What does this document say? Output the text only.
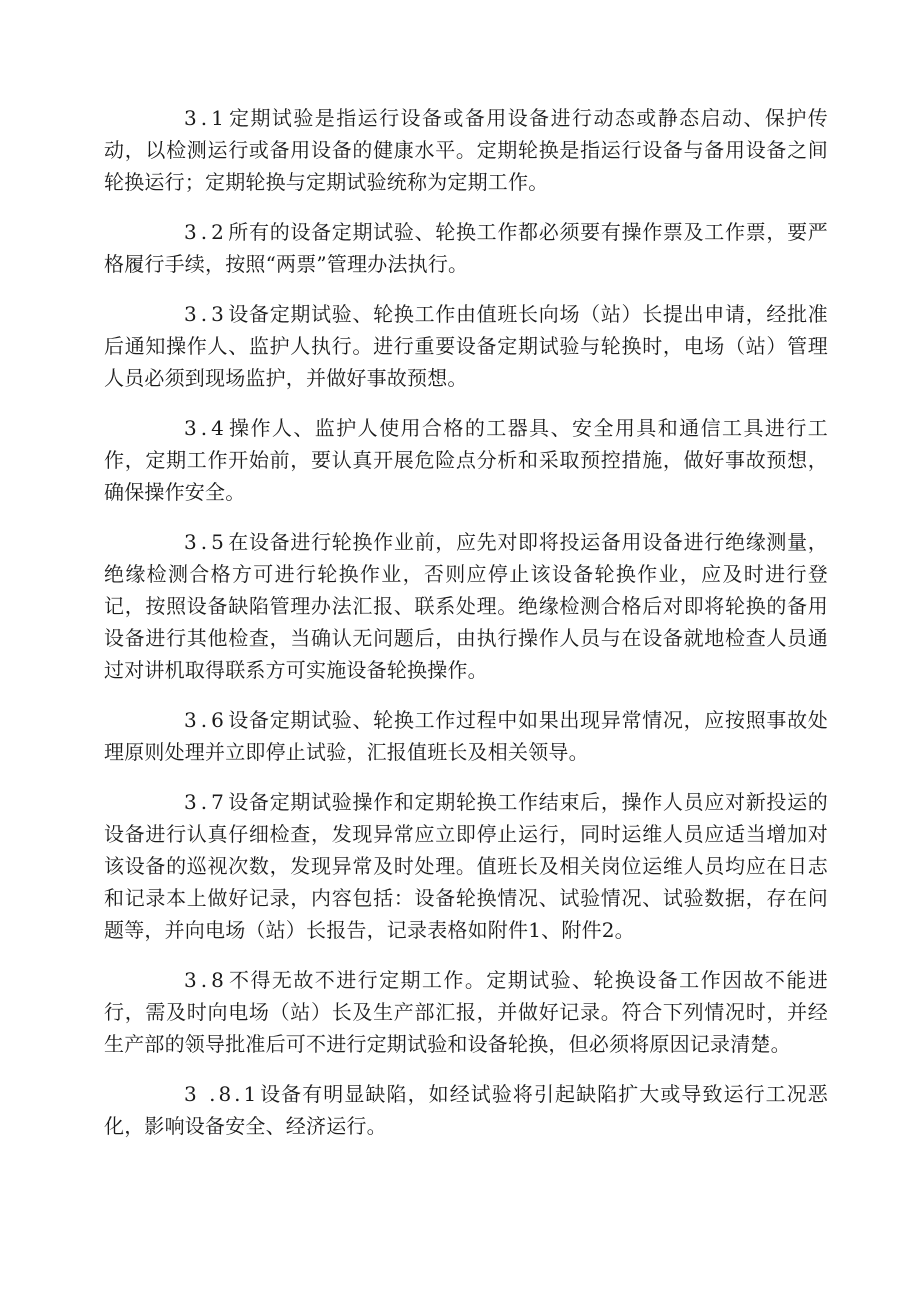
3.1定期试验是指运行设备或备用设备进行动态或静态启动、保护传动，以检测运行或备用设备的健康水平。定期轮换是指运行设备与备用设备之间轮换运行；定期轮换与定期试验统称为定期工作。

3.2所有的设备定期试验、轮换工作都必须要有操作票及工作票，要严格履行手续，按照“两票”管理办法执行。

3.3设备定期试验、轮换工作由值班长向场（站）长提出申请，经批准后通知操作人、监护人执行。进行重要设备定期试验与轮换时，电场（站）管理人员必须到现场监护，并做好事故预想。

3.4操作人、监护人使用合格的工器具、安全用具和通信工具进行工作，定期工作开始前，要认真开展危险点分析和采取预控措施，做好事故预想，确保操作安全。

3.5在设备进行轮换作业前，应先对即将投运备用设备进行绝缘测量，绝缘检测合格方可进行轮换作业，否则应停止该设备轮换作业，应及时进行登记，按照设备缺陷管理办法汇报、联系处理。绝缘检测合格后对即将轮换的备用设备进行其他检查，当确认无问题后，由执行操作人员与在设备就地检查人员通过对讲机取得联系方可实施设备轮换操作。

3.6设备定期试验、轮换工作过程中如果出现异常情况，应按照事故处理原则处理并立即停止试验，汇报值班长及相关领导。

3.7设备定期试验操作和定期轮换工作结束后，操作人员应对新投运的设备进行认真仔细检查，发现异常应立即停止运行，同时运维人员应适当增加对该设备的巡视次数，发现异常及时处理。值班长及相关岗位运维人员均应在日志和记录本上做好记录，内容包括：设备轮换情况、试验情况、试验数据，存在问题等，并向电场（站）长报告，记录表格如附件1、附件2。

3.8不得无故不进行定期工作。定期试验、轮换设备工作因故不能进行，需及时向电场（站）长及生产部汇报，并做好记录。符合下列情况时，并经生产部的领导批准后可不进行定期试验和设备轮换，但必须将原因记录清楚。

3 .8.1设备有明显缺陷，如经试验将引起缺陷扩大或导致运行工况恶化，影响设备安全、经济运行。
